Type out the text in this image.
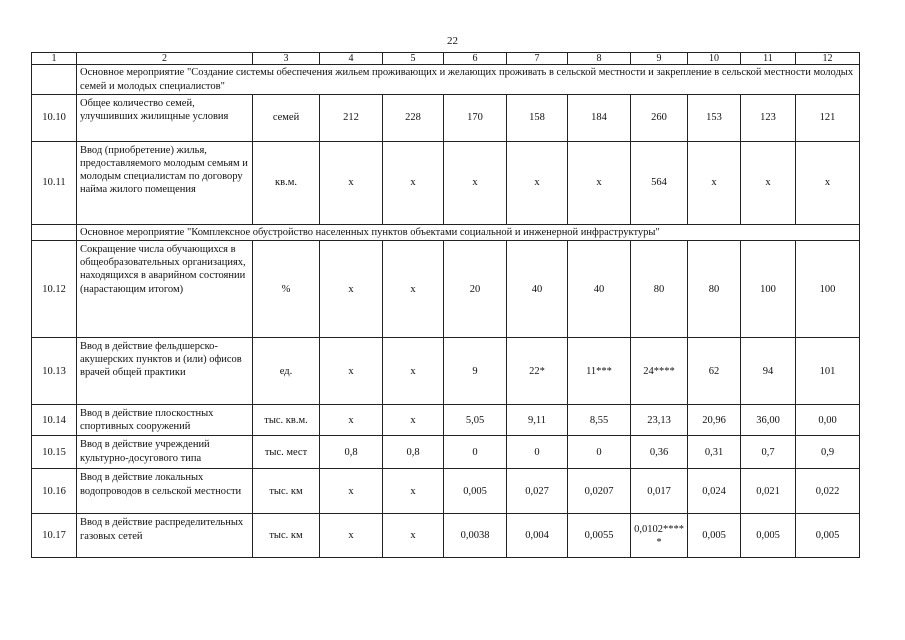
22
1	2	3	4	5	6	7	8	9	10	11	12
	Основное мероприятие "Создание системы обеспечения жильем проживающих и желающих проживать в сельской местности и закрепление в сельской местности молодых семей и молодых специалистов"										
10.10	Общее количество семей, улучшивших жилищные условия	семей	212	228	170	158	184	260	153	123	121
10.11	Ввод (приобретение) жилья, предоставляемого молодым семьям и молодым специалистам по договору найма жилого помещения	кв.м.	х	х	х	х	х	564	х	х	х
	Основное мероприятие "Комплексное обустройство населенных пунктов объектами социальной и инженерной инфраструктуры"										
10.12	Сокращение числа обучающихся в общеобразовательных организациях, находящихся в аварийном состоянии (нарастающим итогом)	%	х	х	20	40	40	80	80	100	100
10.13	Ввод в действие фельдшерско-акушерских пунктов и (или) офисов врачей общей практики	ед.	х	х	9	22*	11***	24****	62	94	101
10.14	Ввод в действие плоскостных спортивных сооружений	тыс. кв.м.	х	х	5,05	9,11	8,55	23,13	20,96	36,00	0,00
10.15	Ввод в действие учреждений культурно-досугового типа	тыс. мест	0,8	0,8	0	0	0	0,36	0,31	0,7	0,9
10.16	Ввод в действие локальных водопроводов в сельской местности	тыс. км	х	х	0,005	0,027	0,0207	0,017	0,024	0,021	0,022
10.17	Ввод в действие распределительных газовых сетей	тыс. км	х	х	0,0038	0,004	0,0055	0,0102*****	0,005	0,005	0,005
